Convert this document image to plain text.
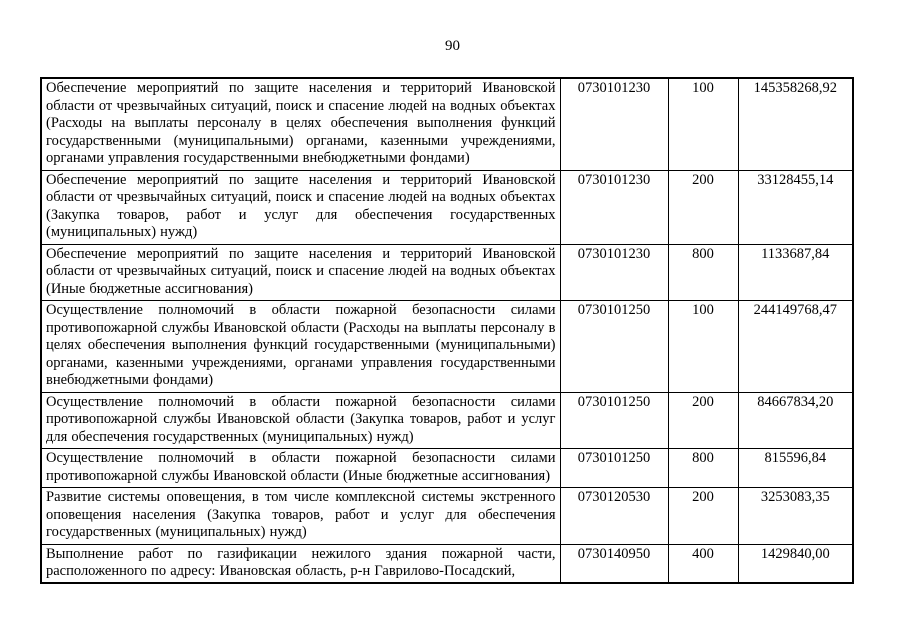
90
Обеспечение мероприятий по защите населения и территорий Ивановской области от чрезвычайных ситуаций, поиск и спасение людей на водных объектах (Расходы на выплаты персоналу в целях обеспечения выполнения функций государственными (муниципальными) органами, казенными учреждениями, органами управления государственными внебюджетными фондами)	0730101230	100	145358268,92

Обеспечение мероприятий по защите населения и территорий Ивановской области от чрезвычайных ситуаций, поиск и спасение людей на водных объектах (Закупка товаров, работ и услуг для обеспечения государственных (муниципальных) нужд)	0730101230	200	33128455,14

Обеспечение мероприятий по защите населения и территорий Ивановской области от чрезвычайных ситуаций, поиск и спасение людей на водных объектах (Иные бюджетные ассигнования)	0730101230	800	1133687,84

Осуществление полномочий в области пожарной безопасности силами противопожарной службы Ивановской области (Расходы на выплаты персоналу в целях обеспечения выполнения функций государственными (муниципальными) органами, казенными учреждениями, органами управления государственными внебюджетными фондами)	0730101250	100	244149768,47

Осуществление полномочий в области пожарной безопасности силами противопожарной службы Ивановской области (Закупка товаров, работ и услуг для обеспечения государственных (муниципальных) нужд)	0730101250	200	84667834,20

Осуществление полномочий в области пожарной безопасности силами противопожарной службы Ивановской области (Иные бюджетные ассигнования)	0730101250	800	815596,84

Развитие системы оповещения, в том числе комплексной системы экстренного оповещения населения (Закупка товаров, работ и услуг для обеспечения государственных (муниципальных) нужд)	0730120530	200	3253083,35

Выполнение работ по газификации нежилого здания пожарной части, расположенного по адресу: Ивановская область, р-н Гаврилово-Посадский,	0730140950	400	1429840,00
